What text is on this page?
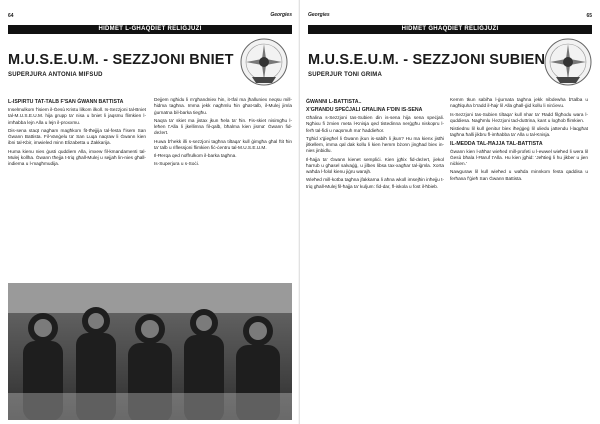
64	Georgies
HIDMET L-GHAQDIET RELIĠJUŻI
M.U.S.E.U.M. - SEZZJONI BNIET
SUPERJURA ANTONIA MIFSUD
L-ISPIRTU TAT-TALB F'SAN ĠWANN BATTISTA

Inselmulkom f'isiem il-Ġesù Kristu lilkom ilkoll. Is-Sezzjoni tal-Bniet tal-M.U.S.E.U.M. hija grupp ta' nisa u bniet li jaqsmu flimkien l-imħabba lejn Alla u lejn il-proxxmu.

Dis-sena staqt nagħam magħkom fit-tħejjija tal-festa f'isem San Ġwann Battista. Fil-Vanġelu ta' San Luqa naqraw li Ġwann kien ibni tal-Kbir, imwieled minn Elizabetta u Żakkarija.

Huma kienu nies ġusti quddiem Alla, imxew fil-kmandamenti tal-Mulej kollha. Ġwann tħejja t-triq għall-Mulej u sejjaħ lin-nies għall-indiema u l-magħmudija.

Dejjem ngħidu li m'għandniex ħin, it-tfal ma jħalluniex neqsu mill-ħidma tagħna. Imma jekk nagħmlu ħin għat-talb, il-Mulej jimla ġurnatna bil-barka tiegħu.

Naqra ta' skiet ma jistax jkun ħela ta' ħin. Fis-skiet nisimgħu l-leħen t'Alla li jkellimna fil-qalb, bħalma kien jisma' Ġwann fid-deżert.

Huwa b'hekk illi s-sezzjoni tagħna tiltaqa' kull ġimgħa għal ftit ħin ta' talb u riflessjoni flimkien fiċ-ċentru tal-M.U.S.E.U.M.

Il-Ħerqa qed noffrulkom il-barka tagħna.

Is-Superjura u s-Soċi.

Georgies	65
HIDMET GHAQDIET RELIĠJUŻI
M.U.S.E.U.M. - SEZZJONI SUBIEN
SUPERJUR TONI GRIMA
ĠWANNI L-BATTISTA..
X'GĦANDU SPEĊJALI GĦALINA F'DIN IS-SENA

Għalina s-Sezzjoni tas-Subien din is-sena hija sena speċjali. Ngħixu fi żmien meta l-Knisja qed tistedinna nerġgħu niskopru l-ferħ tal-fidi u naqsmuh ma' ħaddieħor.

Tgħid x'ġiegħel li Ġwann jkun is-sabiħ li jkun? Hu ma kienx jistħi jitkellem, imma qal dak kollu li kien hemm bżonn jingħad biex in-nies jinbidlu.

Il-ħajja ta' Ġwann kienet sempliċi. Kien jgħix fid-deżert, jiekol ħarrub u għasel salvaġġ, u jilbes libsa tax-xagħar tal-iġmla. Xorta waħda l-folol kienu jiġru warajh.

Wieħed mill-kotba tagħna jfakkarna li aħna wkoll imsejħin inħejju t-triq għall-Mulej fil-ħajja ta' kuljum: fid-dar, fl-iskola u fost il-ħbieb.

Kemm tkun sabiħa l-ġurnata tagħna jekk nibdewha b'talba u nagħlquha b'radd il-ħajr lil Alla għall-ġid kollu li nirċievu.

Is-Sezzjoni tas-Subien tiltaqa' kull nhar ta' Ħadd filgħodu wara l-quddiesa. Nagħmlu l-lezzjoni tad-duttrina, kant u logħob flimkien.

Nistiednu lil kull ġenitur biex iħeġġeġ lil uliedu jattendu l-laqgħat tagħna ħalli jikbru fl-imħabba ta' Alla u tal-Knisja.

IL-MEDDA TAL-ĦAJJA TAL-BATTISTA

Ġwann kien l-aħħar wieħed mill-profeti u l-ewwel wieħed li wera lil Ġesù bħala l-Ħaruf t'Alla. Hu kien jgħid: 'Jeħtieġ li hu jikber u jien niċkien.'

Nawguraw lil kull wieħed u waħda minnkom festa qaddisa u ferħana f'ġieħ San Ġwann Battista.
